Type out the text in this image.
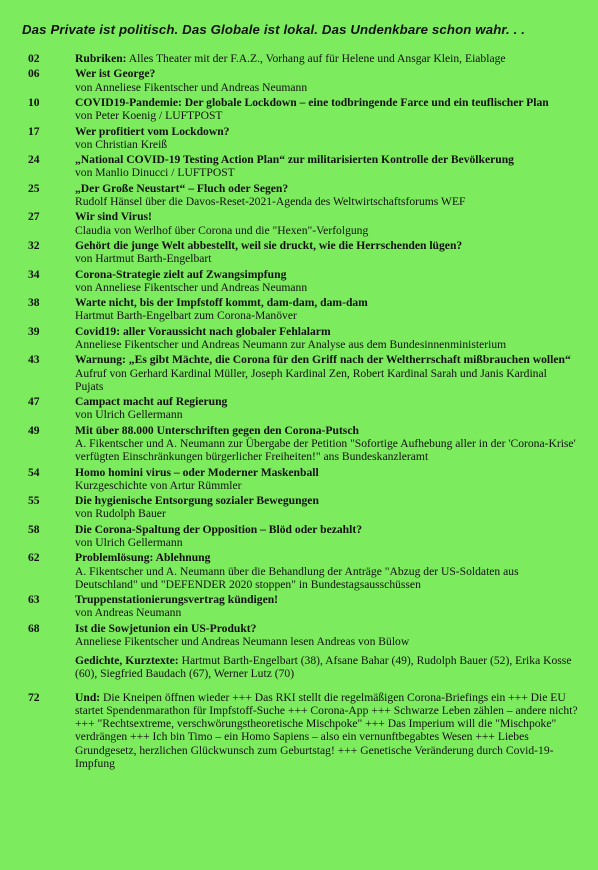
Das Private ist politisch. Das Globale ist lokal. Das Undenkbare schon wahr. . .
02	Rubriken: Alles Theater mit der F.A.Z., Vorhang auf für Helene und Ansgar Klein, Eiablage
06	Wer ist George?
von Anneliese Fikentscher und Andreas Neumann
10	COVID19-Pandemie: Der globale Lockdown – eine todbringende Farce und ein teuflischer Plan
von Peter Koenig / LUFTPOST
17	Wer profitiert vom Lockdown?
von Christian Kreiß
24	„National COVID-19 Testing Action Plan“ zur militarisierten Kontrolle der Bevölkerung
von Manlio Dinucci / LUFTPOST
25	„Der Große Neustart“ – Fluch oder Segen?
Rudolf Hänsel über die Davos-Reset-2021-Agenda des Weltwirtschaftsforums WEF
27	Wir sind Virus!
Claudia von Werlhof über Corona und die "Hexen"-Verfolgung
32	Gehört die junge Welt abbestellt, weil sie druckt, wie die Herrschenden lügen?
von Hartmut Barth-Engelbart
34	Corona-Strategie zielt auf Zwangsimpfung
von Anneliese Fikentscher und Andreas Neumann
38	Warte nicht, bis der Impfstoff kommt, dam-dam, dam-dam
Hartmut Barth-Engelbart zum Corona-Manöver
39	Covid19: aller Voraussicht nach globaler Fehlalarm
Anneliese Fikentscher und Andreas Neumann zur Analyse aus dem Bundesinnenministerium
43	Warnung: „Es gibt Mächte, die Corona für den Griff nach der Weltherrschaft mißbrauchen wollen“
Aufruf von Gerhard Kardinal Müller, Joseph Kardinal Zen, Robert Kardinal Sarah und Janis Kardinal Pujats
47	Campact macht auf Regierung
von Ulrich Gellermann
49	Mit über 88.000 Unterschriften gegen den Corona-Putsch
A. Fikentscher und A. Neumann zur Übergabe der Petition "Sofortige Aufhebung aller in der 'Corona-Krise' verfügten Einschränkungen bürgerlicher Freiheiten!" ans Bundeskanzleramt
54	Homo homini virus – oder Moderner Maskenball
Kurzgeschichte von Artur Rümmler
55	Die hygienische Entsorgung sozialer Bewegungen
von Rudolph Bauer
58	Die Corona-Spaltung der Opposition – Blöd oder bezahlt?
von Ulrich Gellermann
62	Problemlösung: Ablehnung
A. Fikentscher und A. Neumann über die Behandlung der Anträge "Abzug der US-Soldaten aus Deutschland" und "DEFENDER 2020 stoppen" in Bundestagsausschüssen
63	Truppenstationierungsvertrag kündigen!
von Andreas Neumann
68	Ist die Sowjetunion ein US-Produkt?
Anneliese Fikentscher und Andreas Neumann lesen Andreas von Bülow
Gedichte, Kurztexte: Hartmut Barth-Engelbart (38), Afsane Bahar (49), Rudolph Bauer (52), Erika Kosse (60), Siegfried Baudach (67), Werner Lutz (70)
72	Und: Die Kneipen öffnen wieder +++ Das RKI stellt die regelmäßigen Corona-Briefings ein +++ Die EU startet Spendenmarathon für Impfstoff-Suche +++ Corona-App +++ Schwarze Leben zählen – andere nicht? +++ "Rechtsextreme, verschwörungstheoretische Mischpoke" +++ Das Imperium will die "Mischpoke" verdrängen +++ Ich bin Timo – ein Homo Sapiens – also ein vernunftbegabtes Wesen +++ Liebes Grundgesetz, herzlichen Glückwunsch zum Geburtstag! +++ Genetische Veränderung durch Covid-19-Impfung
